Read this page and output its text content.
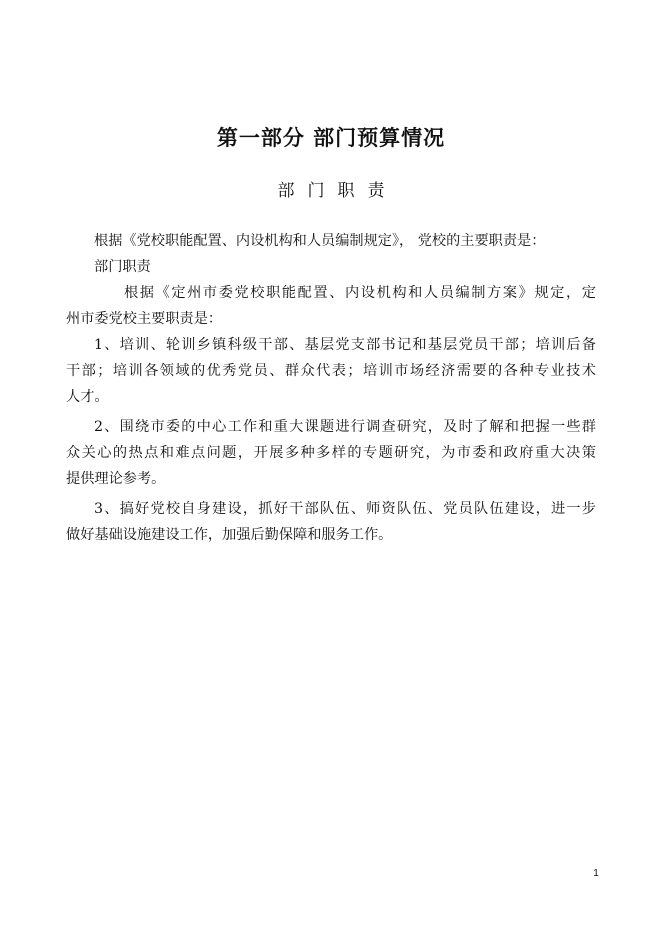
第一部分 部门预算情况
部门职责
根据《党校职能配置、内设机构和人员编制规定》， 党校的主要职责是：
部门职责
根据《定州市委党校职能配置、内设机构和人员编制方案》规定，定
州市委党校主要职责是：
1、培训、轮训乡镇科级干部、基层党支部书记和基层党员干部；培训后备
干部；培训各领域的优秀党员、群众代表；培训市场经济需要的各种专业技术
人才。
2、围绕市委的中心工作和重大课题进行调查研究，及时了解和把握一些群
众关心的热点和难点问题，开展多种多样的专题研究，为市委和政府重大决策
提供理论参考。
3、搞好党校自身建设，抓好干部队伍、师资队伍、党员队伍建设，进一步
做好基础设施建设工作，加强后勤保障和服务工作。
1
